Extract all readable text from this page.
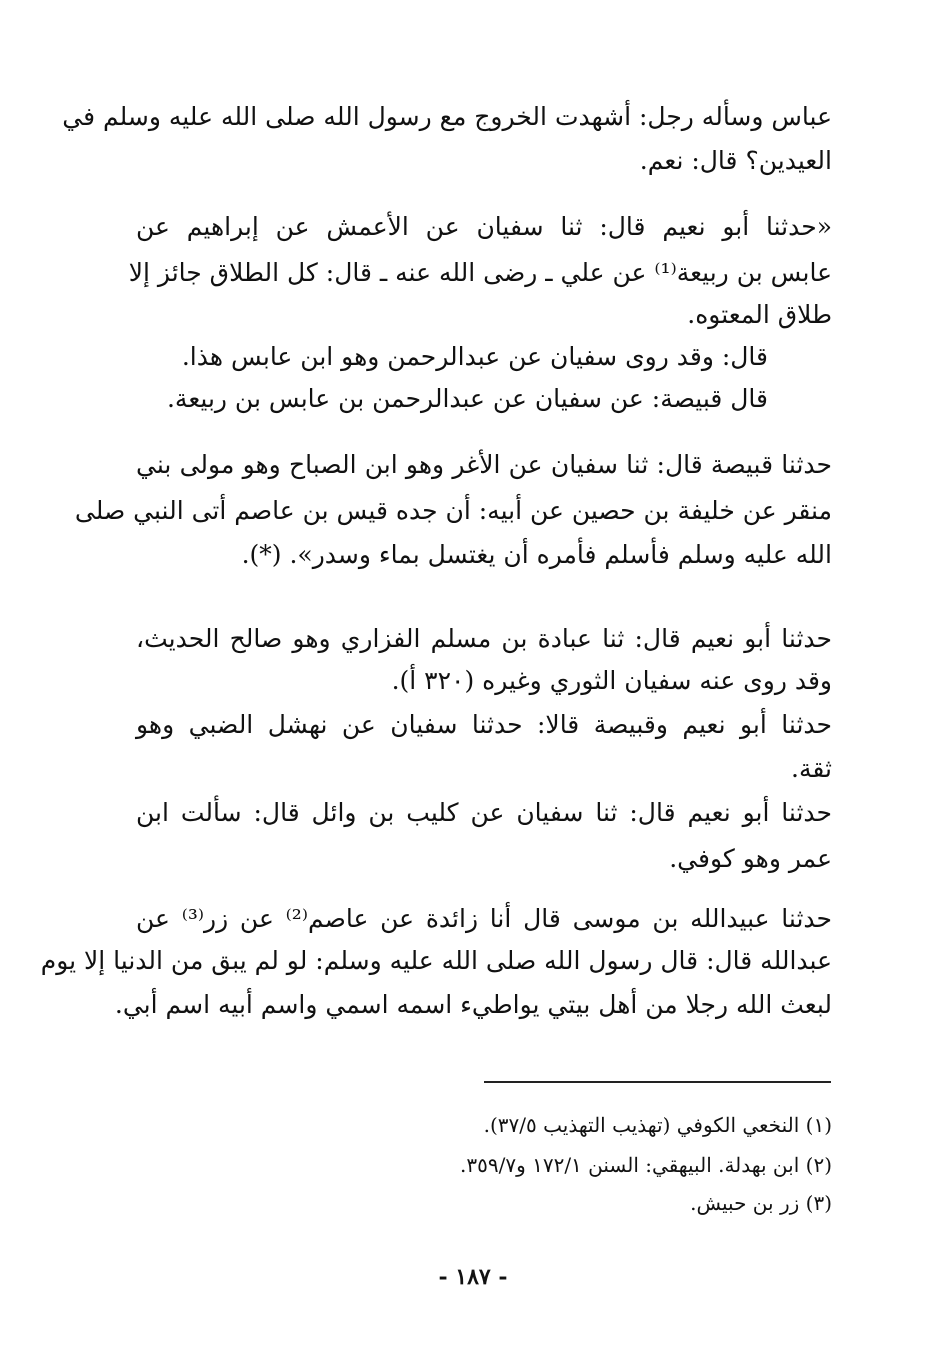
عباس وسأله رجل: أشهدت الخروج مع رسول الله صلى الله عليه وسلم في
العيدين؟ قال: نعم.
«حدثنا أبو نعيم قال: ثنا سفيان عن الأعمش عن إبراهيم عن
عابس بن ربيعة⁽¹⁾ عن علي ـ رضى الله عنه ـ قال: كل الطلاق جائز إلا
طلاق المعتوه.
قال: وقد روى سفيان عن عبدالرحمن وهو ابن عابس هذا.
قال قبيصة: عن سفيان عن عبدالرحمن بن عابس بن ربيعة.
حدثنا قبيصة قال: ثنا سفيان عن الأغر وهو ابن الصباح وهو مولى بني
منقر عن خليفة بن حصين عن أبيه: أن جده قيس بن عاصم أتى النبي صلى
الله عليه وسلم فأسلم فأمره أن يغتسل بماء وسدر». (*).
حدثنا أبو نعيم قال: ثنا عبادة بن مسلم الفزاري وهو صالح الحديث،
وقد روى عنه سفيان الثوري وغيره (٣٢٠ أ).
حدثنا أبو نعيم وقبيصة قالا: حدثنا سفيان عن نهشل الضبي وهو
ثقة.
حدثنا أبو نعيم قال: ثنا سفيان عن كليب بن وائل قال: سألت ابن
عمر وهو كوفي.
حدثنا عبيدالله بن موسى قال أنا زائدة عن عاصم⁽²⁾ عن زر⁽³⁾ عن
عبدالله قال: قال رسول الله صلى الله عليه وسلم: لو لم يبق من الدنيا إلا يوم
لبعث الله رجلا من أهل بيتي يواطيء اسمه اسمي واسم أبيه اسم أبي.
(١) النخعي الكوفي (تهذيب التهذيب ٣٧/٥).
(٢) ابن بهدلة. البيهقي: السنن ١٧٢/١ و٣٥٩/٧.
(٣) زر بن حبيش.
- ١٨٧ -
